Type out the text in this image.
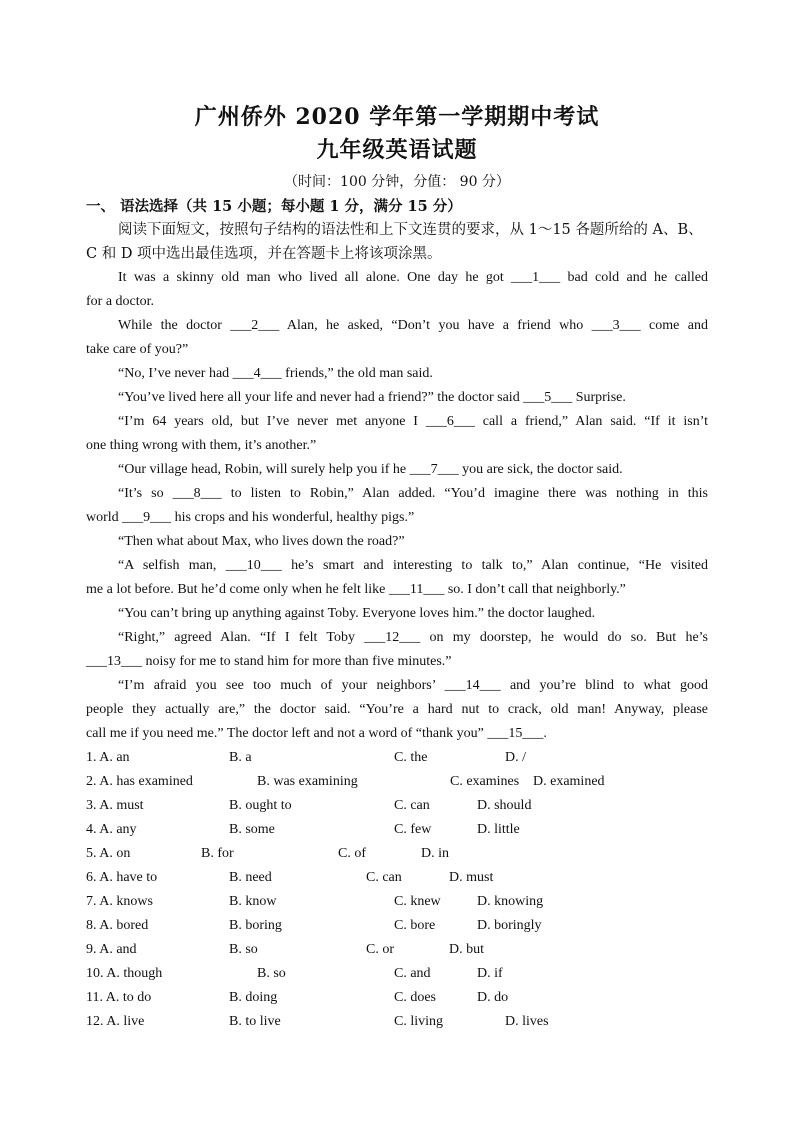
广州侨外 2020 学年第一学期期中考试
九年级英语试题
（时间：100 分钟，分值： 90 分）
一、 语法选择（共 15 小题；每小题 1 分，满分 15 分）
阅读下面短文，按照句子结构的语法性和上下文连贯的要求，从 1～15 各题所给的 A、B、C 和 D 项中选出最佳选项，并在答题卡上将该项涂黑。
It was a skinny old man who lived all alone. One day he got ___1___ bad cold and he called
for a doctor.
While the doctor ___2___ Alan, he asked, “Don’t you have a friend who ___3___ come and
take care of you?”
“No, I’ve never had ___4___ friends,” the old man said.
“You’ve lived here all your life and never had a friend?” the doctor said ___5___ Surprise.
“I’m 64 years old, but I’ve never met anyone I ___6___ call a friend,” Alan said. “If it isn’t
one thing wrong with them, it’s another.”
“Our village head, Robin, will surely help you if he ___7___ you are sick, the doctor said.
“It’s so ___8___ to listen to Robin,” Alan added. “You’d imagine there was nothing in this
world ___9___ his crops and his wonderful, healthy pigs.”
“Then what about Max, who lives down the road?”
“A selfish man, ___10___ he’s smart and interesting to talk to,” Alan continue, “He visited
me a lot before. But he’d come only when he felt like ___11___ so. I don’t call that neighborly.”
“You can’t bring up anything against Toby. Everyone loves him.” the doctor laughed.
“Right,” agreed Alan. “If I felt Toby ___12___ on my doorstep, he would do so. But he’s
___13___ noisy for me to stand him for more than five minutes.”
“I’m afraid you see too much of your neighbors’ ___14___ and you’re blind to what good
people they actually are,” the doctor said. “You’re a hard nut to crack, old man! Anyway, please
call me if you need me.” The doctor left and not a word of “thank you” ___15___.
1. A. an	B. a	C. the	D. /
2. A. has examined	B. was examining	C. examines D. examined
3. A. must	B. ought to	C. can	D. should
4. A. any	B. some	C. few	D. little
5. A. on	B. for	C. of	D. in
6. A. have to	B. need	C. can	D. must
7. A. knows	B. know	C. knew	D. knowing
8. A. bored	B. boring	C. bore	D. boringly
9. A. and	B. so	C. or	D. but
10. A. though	B. so	C. and	D. if
11. A. to do	B. doing	C. does	D. do
12. A. live	B. to live	C. living	D. lives
